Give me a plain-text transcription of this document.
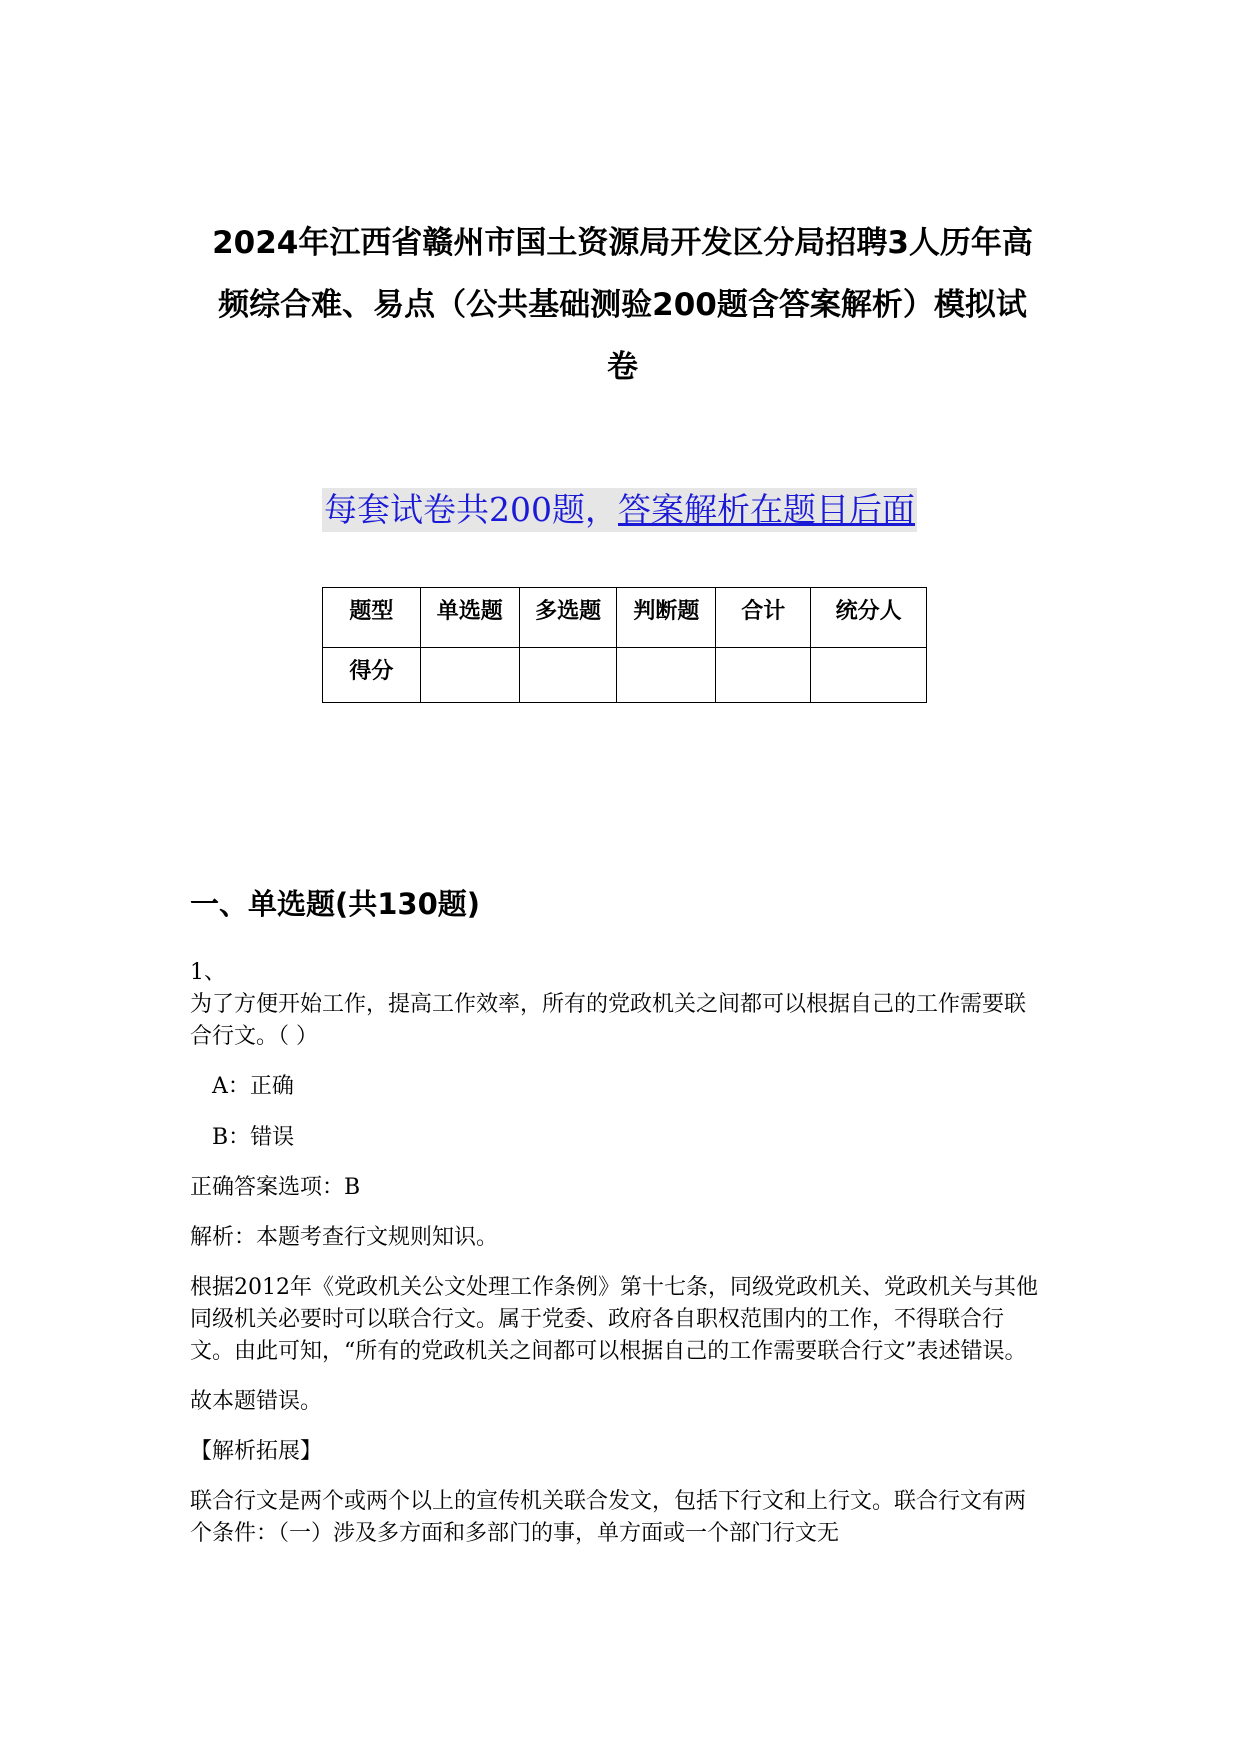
2024年江西省赣州市国土资源局开发区分局招聘3人历年高
频综合难、易点（公共基础测验200题含答案解析）模拟试
卷
每套试卷共200题，答案解析在题目后面
题型	单选题	多选题	判断题	合计	统分人
得分					
一、单选题(共130题)

1、

为了方便开始工作，提高工作效率，所有的党政机关之间都可以根据自己的工作需要联合行文。（ ）

A：正确

B：错误

正确答案选项：B

解析：本题考查行文规则知识。

根据2012年《党政机关公文处理工作条例》第十七条，同级党政机关、党政机关与其他同级机关必要时可以联合行文。属于党委、政府各自职权范围内的工作，不得联合行文。由此可知，“所有的党政机关之间都可以根据自己的工作需要联合行文”表述错误。

故本题错误。

【解析拓展】

联合行文是两个或两个以上的宣传机关联合发文，包括下行文和上行文。联合行文有两个条件：（一）涉及多方面和多部门的事，单方面或一个部门行文无
